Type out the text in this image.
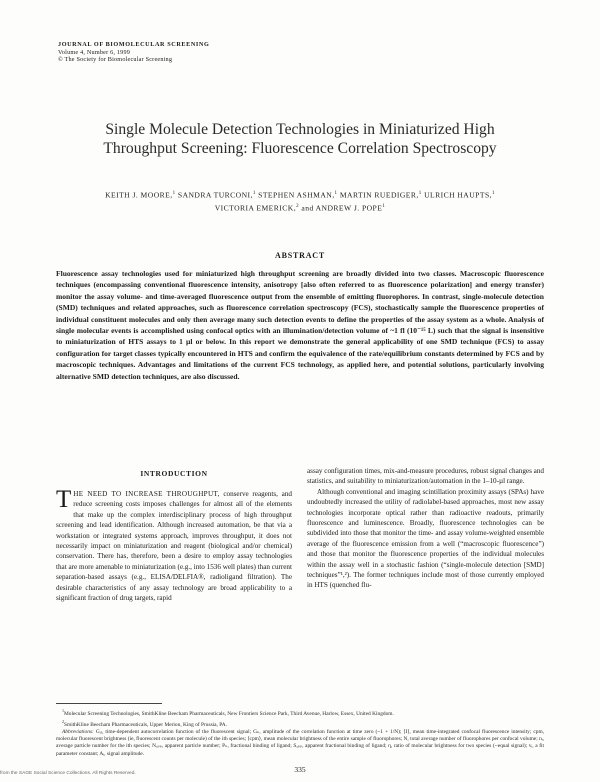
JOURNAL OF BIOMOLECULAR SCREENING
Volume 4, Number 6, 1999
© The Society for Biomolecular Screening
Single Molecule Detection Technologies in Miniaturized High
Throughput Screening: Fluorescence Correlation Spectroscopy
KEITH J. MOORE,$^1$ SANDRA TURCONI,$^1$ STEPHEN ASHMAN,$^1$ MARTIN RUEDIGER,$^1$ ULRICH HAUPTS,$^1$
VICTORIA EMERICK,$^2$ and ANDREW J. POPE$^1$
ABSTRACT
Fluorescence assay technologies used for miniaturized high throughput screening are broadly divided into two classes. Macroscopic fluorescence techniques (encompassing conventional fluorescence intensity, anisotropy [also often referred to as fluorescence polarization] and energy transfer) monitor the assay volume- and time-averaged fluorescence output from the ensemble of emitting fluorophores. In contrast, single-molecule detection (SMD) techniques and related approaches, such as fluorescence correlation spectroscopy (FCS), stochastically sample the fluorescence properties of individual constituent molecules and only then average many such detection events to define the properties of the assay system as a whole. Analysis of single molecular events is accomplished using confocal optics with an illumination/detection volume of ~1 fl (10⁻¹⁵ L) such that the signal is insensitive to miniaturization of HTS assays to 1 µl or below. In this report we demonstrate the general applicability of one SMD technique (FCS) to assay configuration for target classes typically encountered in HTS and confirm the equivalence of the rate/equilibrium constants determined by FCS and by macroscopic techniques. Advantages and limitations of the current FCS technology, as applied here, and potential solutions, particularly involving alternative SMD detection techniques, are also discussed.
INTRODUCTION

THE NEED TO INCREASE THROUGHPUT, conserve reagents, and reduce screening costs imposes challenges for almost all of the elements that make up the complex interdisciplinary process of high throughput screening and lead identification. Although increased automation, be that via a workstation or integrated systems approach, improves throughput, it does not necessarily impact on miniaturization and reagent (biological and/or chemical) conservation. There has, therefore, been a desire to employ assay technologies that are more amenable to miniaturization (e.g., into 1536 well plates) than current separation-based assays (e.g., ELISA/DELFIA®, radioligand filtration). The desirable characteristics of any assay technology are broad applicability to a significant fraction of drug targets, rapid

assay configuration times, mix-and-measure procedures, robust signal changes and statistics, and suitability to miniaturization/automation in the 1–10-µl range.

Although conventional and imaging scintillation proximity assays (SPAs) have undoubtedly increased the utility of radiolabel-based approaches, most new assay technologies incorporate optical rather than radioactive readouts, primarily fluorescence and luminescence. Broadly, fluorescence technologies can be subdivided into those that monitor the time- and assay volume-weighted ensemble average of the fluorescence emission from a well (“macroscopic fluorescence”) and those that monitor the fluorescence properties of the individual molecules within the assay well in a stochastic fashion (“single-molecule detection [SMD] techniques”¹,²). The former techniques include most of those currently employed in HTS (quenched flu-

$^1$Molecular Screening Technologies, SmithKline Beecham Pharmaceuticals, New Frontiers Science Park, Third Avenue, Harlow, Essex, United Kingdom.

$^2$SmithKline Beecham Pharmaceuticals, Upper Merion, King of Prussia, PA.

Abbreviations: Gᵢⱼ, time-dependent autocorrelation function of the fluorescent signal; Gₙ, amplitude of the correlation function at time zero (~1 + 1/N); ⟨I⟩, mean time-integrated confocal fluorescence intensity; cpm, molecular fluorescent brightness (ie, fluorescent counts per molecule) of the ith species; ⟨cpm⟩, mean molecular brightness of the entire sample of fluorophores; N, total average number of fluorophores per confocal volume; nᵢ, average particle number for the ith species; Nₐₚₚ, apparent particle number; Pₙ, fractional binding of ligand; Sₐₚₚ, apparent fractional binding of ligand; η, ratio of molecular brightness for two species (~equal signal); vᵢ, a fit parameter constant; Aᵢ, signal amplitude.

335
from the SAGE Social Science Collections. All Rights Reserved.
